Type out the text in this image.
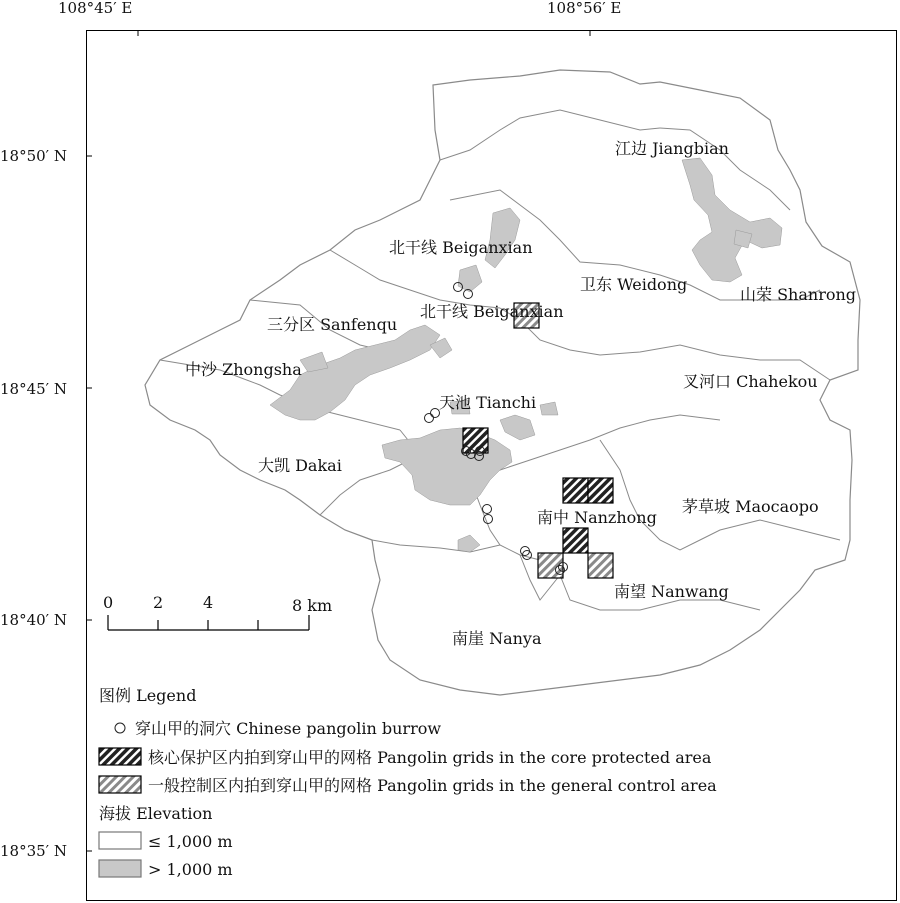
108°45′ E	108°56′ E
18°50′ N
18°45′ N
18°40′ N
18°35′ N
江边 Jiangbian
北干线 Beiganxian
卫东 Weidong
山荣 Shanrong
北干线 Beiganxian
三分区 Sanfenqu
中沙 Zhongsha
叉河口 Chahekou
天池 Tianchi
大凯 Dakai
茅草坡 Maocaopo
南中 Nanzhong
南望 Nanwang
南崖 Nanya
0 2 4	8 km
图例 Legend
穿山甲的洞穴 Chinese pangolin burrow
核心保护区内拍到穿山甲的网格 Pangolin grids in the core protected area
一般控制区内拍到穿山甲的网格 Pangolin grids in the general control area
海拔 Elevation
≤ 1,000 m
> 1,000 m
